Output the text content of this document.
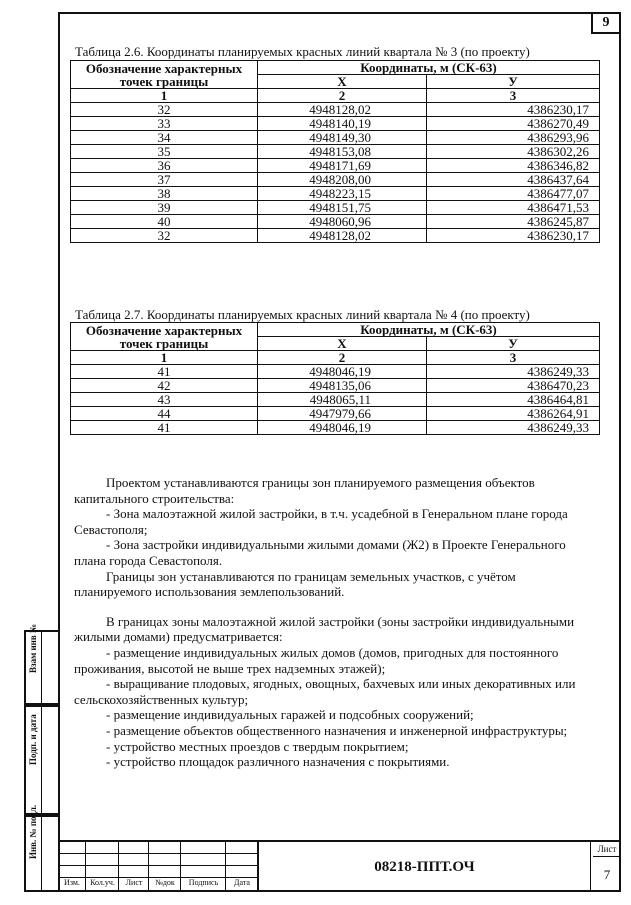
9
Таблица 2.6. Координаты планируемых красных линий квартала № 3 (по проекту)
Обозначение характерных точек границы	Координаты, м (СК-63)	
	X	У
1	2	3
32	4948128,02	4386230,17
33	4948140,19	4386270,49
34	4948149,30	4386293,96
35	4948153,08	4386302,26
36	4948171,69	4386346,82
37	4948208,00	4386437,64
38	4948223,15	4386477,07
39	4948151,75	4386471,53
40	4948060,96	4386245,87
32	4948128,02	4386230,17
Таблица 2.7. Координаты планируемых красных линий квартала № 4 (по проекту)
Обозначение характерных точек границы	Координаты, м (СК-63)	
	X	У
1	2	3
41	4948046,19	4386249,33
42	4948135,06	4386470,23
43	4948065,11	4386464,81
44	4947979,66	4386264,91
41	4948046,19	4386249,33

Проектом устанавливаются границы зон планируемого размещения объектов капитального строительства:

- Зона малоэтажной жилой застройки, в т.ч. усадебной в Генеральном плане города Севастополя;

- Зона застройки индивидуальными жилыми домами (Ж2) в Проекте Генерального плана города Севастополя.

Границы зон устанавливаются по границам земельных участков, с учётом планируемого использования землепользований.

В границах зоны малоэтажной жилой застройки (зоны застройки индивидуальными жилыми домами) предусматривается:

- размещение индивидуальных жилых домов (домов, пригодных для постоянного проживания, высотой не выше трех надземных этажей);

- выращивание плодовых, ягодных, овощных, бахчевых или иных декоративных или сельскохозяйственных культур;

- размещение индивидуальных гаражей и подсобных сооружений;

- размещение объектов общественного назначения и инженерной инфраструктуры;

- устройство местных проездов с твердым покрытием;

- устройство площадок различного назначения с покрытиями.

Взам инв №
Подп. и дата
Инв. № подл.
Изм.	Кол.уч.	Лист	№док	Подпись	Дата
08218-ППТ.ОЧ
Лист
7
